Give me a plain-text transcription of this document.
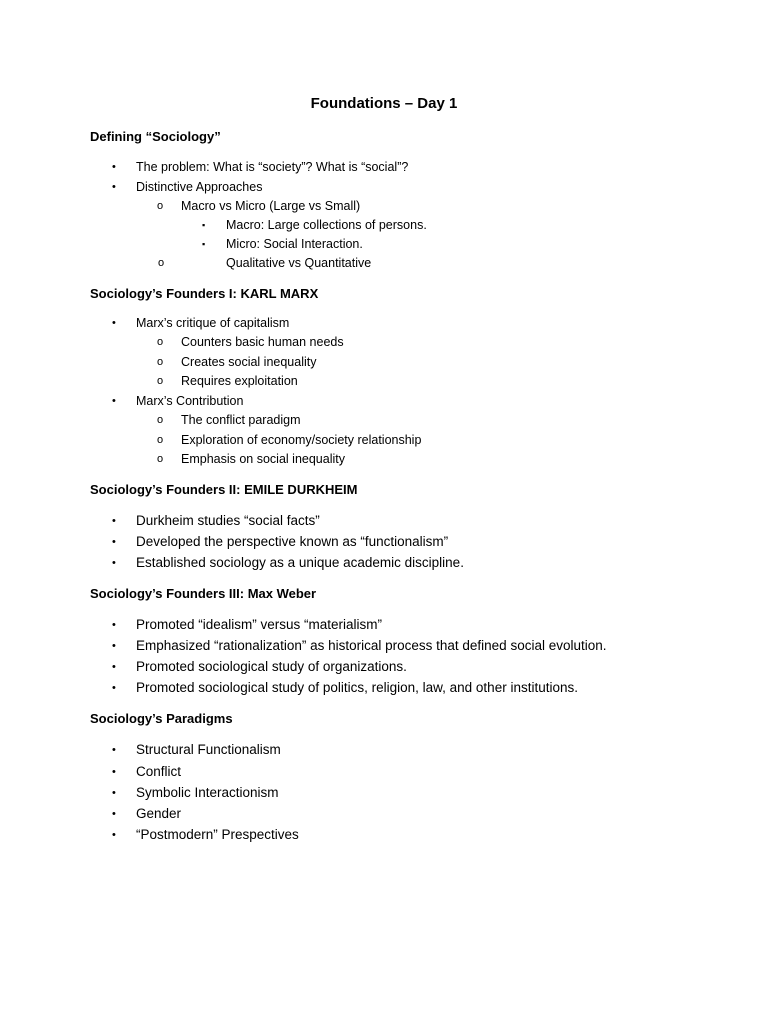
Foundations – Day 1
Defining “Sociology”
• The problem: What is “society”? What is “social”?
• Distinctive Approaches
o Macro vs Micro (Large vs Small)
▪ Macro: Large collections of persons.
▪ Micro: Social Interaction.
o	Qualitative vs Quantitative
Sociology’s Founders I: KARL MARX
• Marx’s critique of capitalism
o Counters basic human needs
o Creates social inequality
o Requires exploitation
• Marx’s Contribution
o The conflict paradigm
o Exploration of economy/society relationship
o Emphasis on social inequality
Sociology’s Founders II: EMILE DURKHEIM
• Durkheim studies “social facts”
• Developed the perspective known as “functionalism”
• Established sociology as a unique academic discipline.
Sociology’s Founders III: Max Weber
• Promoted “idealism” versus “materialism”
• Emphasized “rationalization” as historical process that defined social evolution.
• Promoted sociological study of organizations.
• Promoted sociological study of politics, religion, law, and other institutions.
Sociology’s Paradigms
• Structural Functionalism
• Conflict
• Symbolic Interactionism
• Gender
• “Postmodern” Prespectives
